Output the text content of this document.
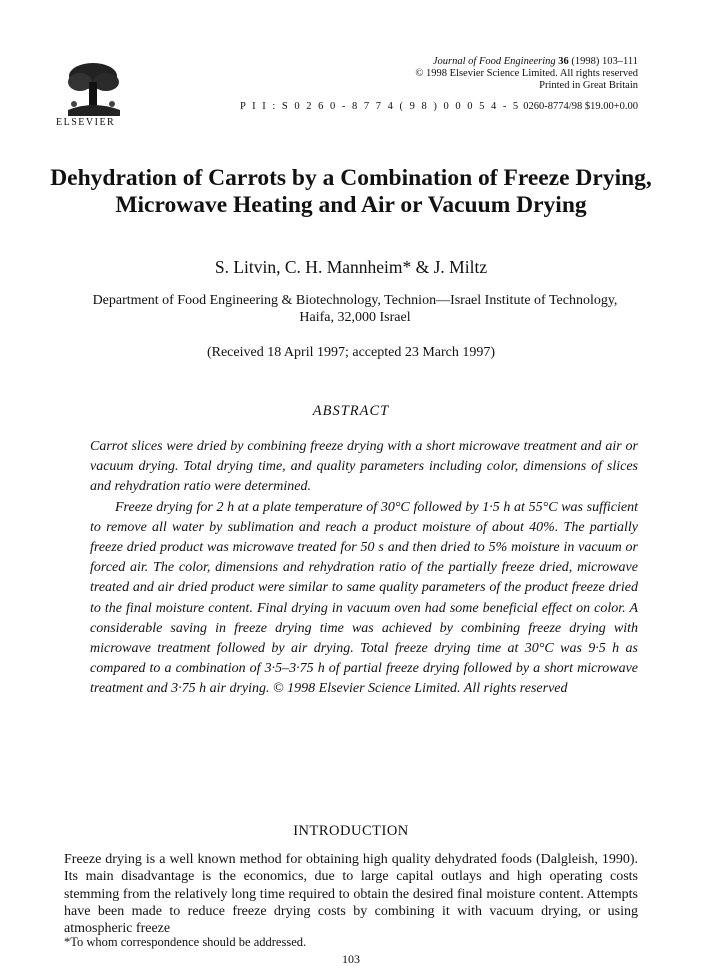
ELSEVIER
Journal of Food Engineering 36 (1998) 103–111
© 1998 Elsevier Science Limited. All rights reserved
Printed in Great Britain
P I I : S 0 2 6 0 - 8 7 7 4 ( 9 8 ) 0 0 0 5 4 - 5 0260-8774/98 $19.00+0.00
Dehydration of Carrots by a Combination of Freeze Drying, Microwave Heating and Air or Vacuum Drying
S. Litvin, C. H. Mannheim* & J. Miltz
Department of Food Engineering & Biotechnology, Technion—Israel Institute of Technology, Haifa, 32,000 Israel
(Received 18 April 1997; accepted 23 March 1997)
ABSTRACT

Carrot slices were dried by combining freeze drying with a short microwave treatment and air or vacuum drying. Total drying time, and quality parameters including color, dimensions of slices and rehydration ratio were determined.

Freeze drying for 2 h at a plate temperature of 30°C followed by 1·5 h at 55°C was sufficient to remove all water by sublimation and reach a product moisture of about 40%. The partially freeze dried product was microwave treated for 50 s and then dried to 5% moisture in vacuum or forced air. The color, dimensions and rehydration ratio of the partially freeze dried, microwave treated and air dried product were similar to same quality parameters of the product freeze dried to the final moisture content. Final drying in vacuum oven had some beneficial effect on color. A considerable saving in freeze drying time was achieved by combining freeze drying with microwave treatment followed by air drying. Total freeze drying time at 30°C was 9·5 h as compared to a combination of 3·5–3·75 h of partial freeze drying followed by a short microwave treatment and 3·75 h air drying. © 1998 Elsevier Science Limited. All rights reserved

INTRODUCTION
Freeze drying is a well known method for obtaining high quality dehydrated foods (Dalgleish, 1990). Its main disadvantage is the economics, due to large capital outlays and high operating costs stemming from the relatively long time required to obtain the desired final moisture content. Attempts have been made to reduce freeze drying costs by combining it with vacuum drying, or using atmospheric freeze
*To whom correspondence should be addressed.
103
